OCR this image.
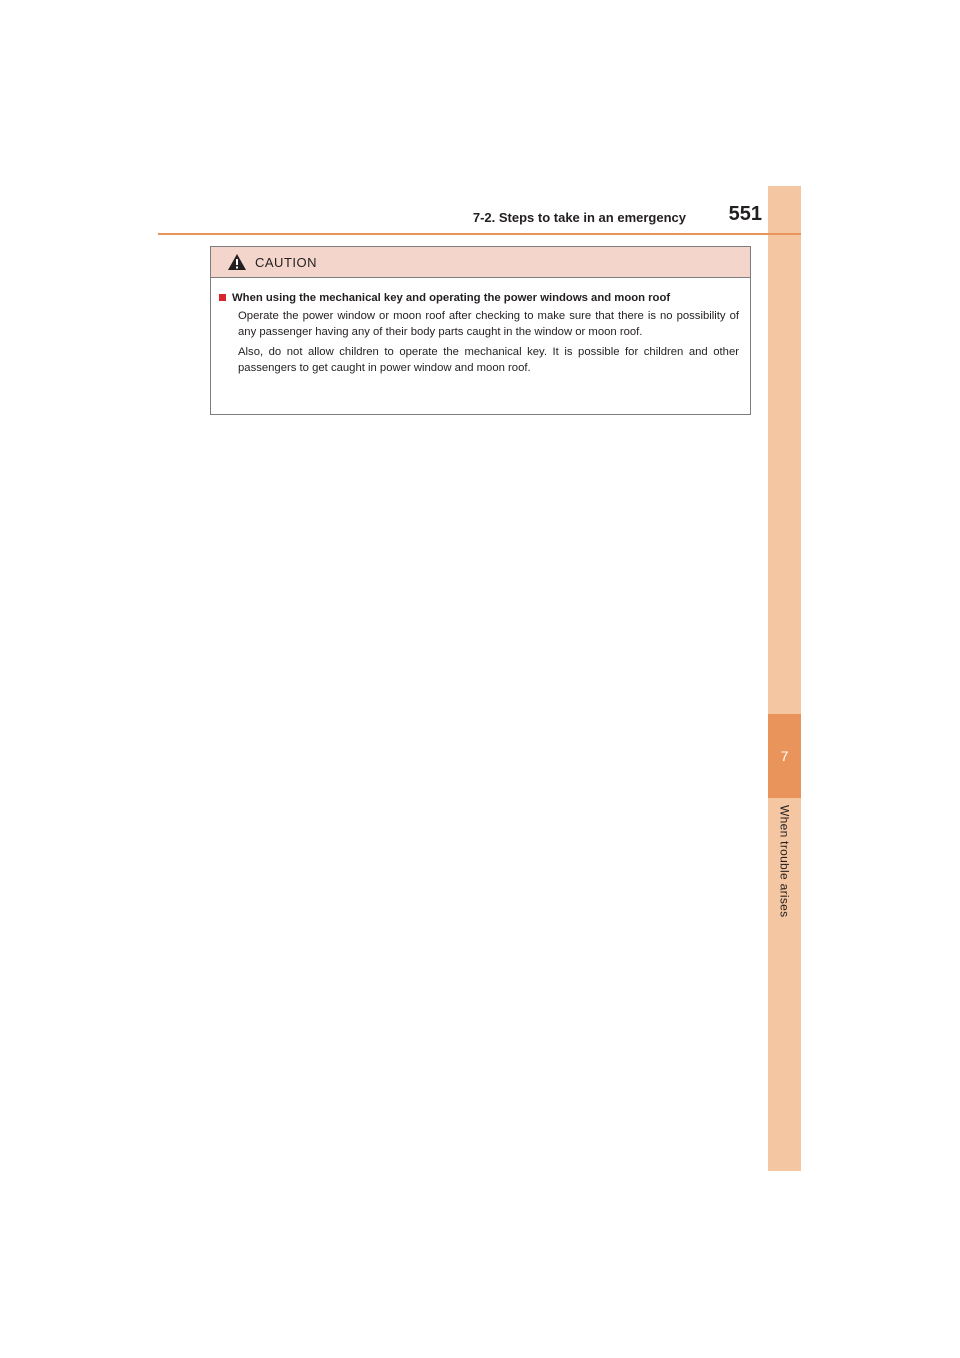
7
When trouble arises
7-2. Steps to take in an emergency	551
CAUTION
When using the mechanical key and operating the power windows and moon roof

Operate the power window or moon roof after checking to make sure that there is no possibility of any passenger having any of their body parts caught in the window or moon roof.

Also, do not allow children to operate the mechanical key. It is possible for children and other passengers to get caught in power window and moon roof.
